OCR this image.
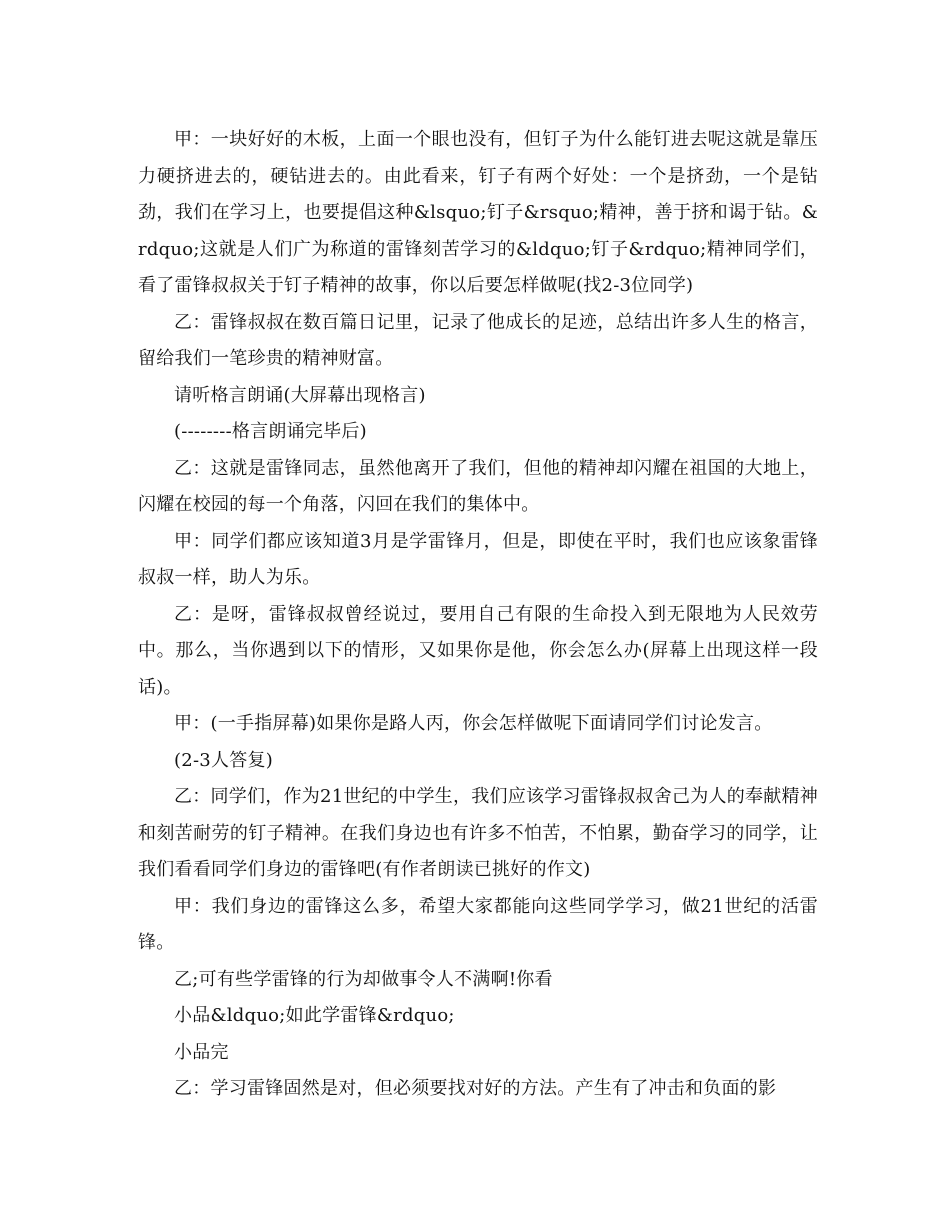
甲：一块好好的木板，上面一个眼也没有，但钉子为什么能钉进去呢这就是靠压力硬挤进去的，硬钻进去的。由此看来，钉子有两个好处：一个是挤劲，一个是钻劲，我们在学习上，也要提倡这种&lsquo;钉子&rsquo;精神，善于挤和谒于钻。&rdquo;这就是人们广为称道的雷锋刻苦学习的&ldquo;钉子&rdquo;精神同学们，看了雷锋叔叔关于钉子精神的故事，你以后要怎样做呢(找2-3位同学)

乙：雷锋叔叔在数百篇日记里，记录了他成长的足迹，总结出许多人生的格言，留给我们一笔珍贵的精神财富。

请听格言朗诵(大屏幕出现格言)

(--------格言朗诵完毕后)

乙：这就是雷锋同志，虽然他离开了我们，但他的精神却闪耀在祖国的大地上，闪耀在校园的每一个角落，闪回在我们的集体中。

甲：同学们都应该知道3月是学雷锋月，但是，即使在平时，我们也应该象雷锋叔叔一样，助人为乐。

乙：是呀，雷锋叔叔曾经说过，要用自己有限的生命投入到无限地为人民效劳中。那么，当你遇到以下的情形，又如果你是他，你会怎么办(屏幕上出现这样一段话)。

甲：(一手指屏幕)如果你是路人丙，你会怎样做呢下面请同学们讨论发言。

(2-3人答复)

乙：同学们，作为21世纪的中学生，我们应该学习雷锋叔叔舍己为人的奉献精神和刻苦耐劳的钉子精神。在我们身边也有许多不怕苦，不怕累，勤奋学习的同学，让我们看看同学们身边的雷锋吧(有作者朗读已挑好的作文)

甲：我们身边的雷锋这么多，希望大家都能向这些同学学习，做21世纪的活雷锋。

乙;可有些学雷锋的行为却做事令人不满啊!你看

小品&ldquo;如此学雷锋&rdquo;

小品完

乙：学习雷锋固然是对，但必须要找对好的方法。产生有了冲击和负面的影
